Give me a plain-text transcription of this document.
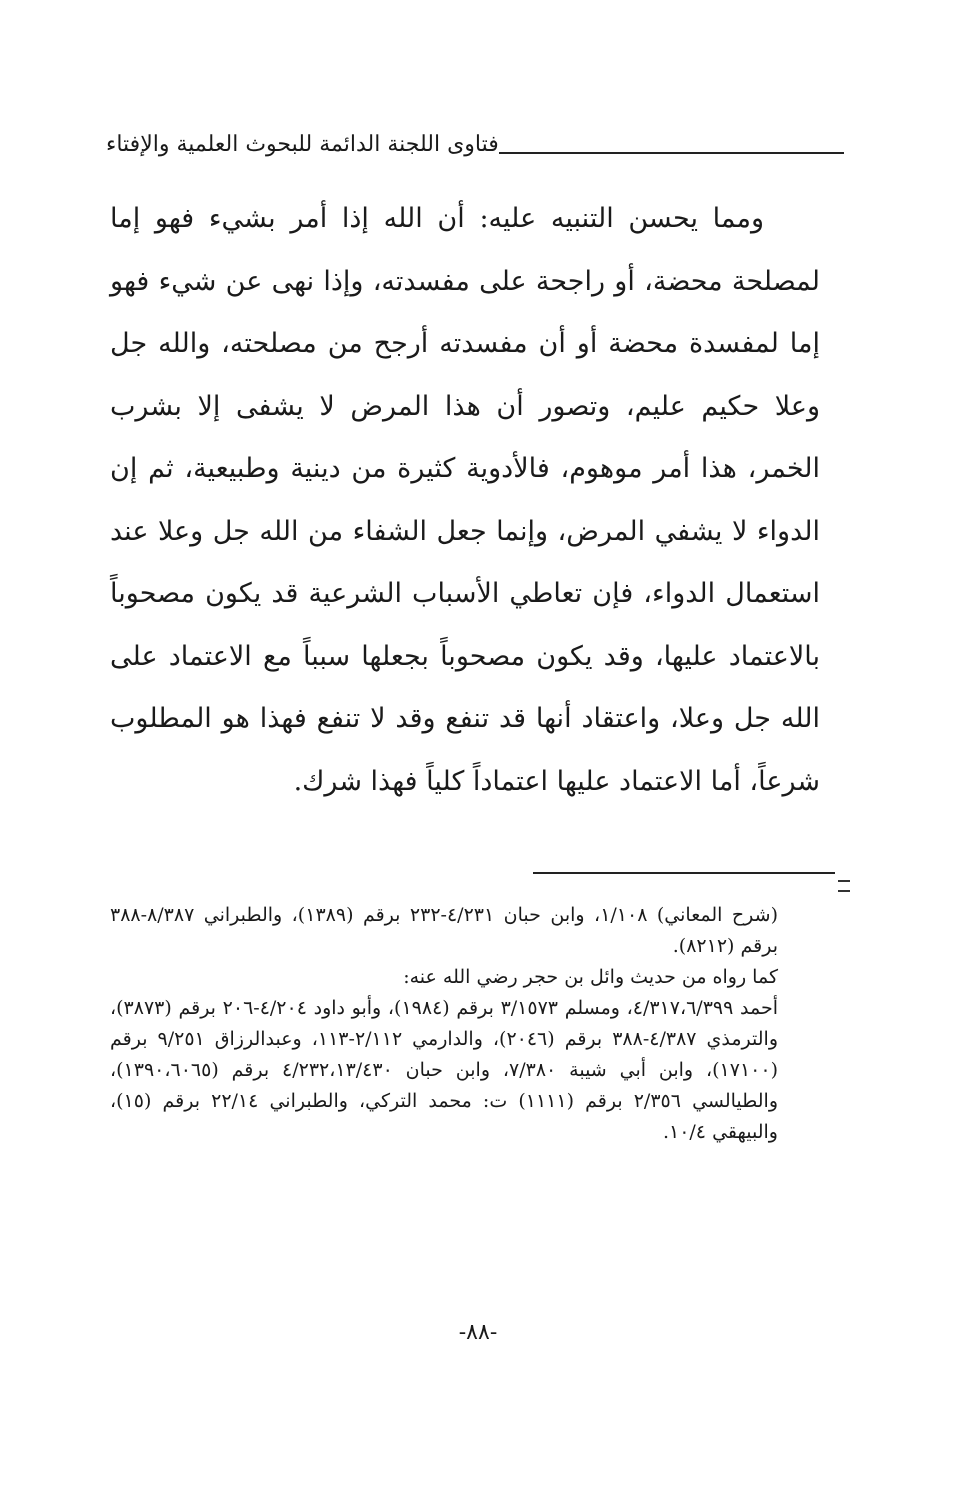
فتاوى اللجنة الدائمة للبحوث العلمية والإفتاء

ومما يحسن التنبيه عليه: أن الله إذا أمر بشيء فهو إما لمصلحة محضة، أو راجحة على مفسدته، وإذا نهى عن شيء فهو إما لمفسدة محضة أو أن مفسدته أرجح من مصلحته، والله جل وعلا حكيم عليم، وتصور أن هذا المرض لا يشفى إلا بشرب الخمر، هذا أمر موهوم، فالأدوية كثيرة من دينية وطبيعية، ثم إن الدواء لا يشفي المرض، وإنما جعل الشفاء من الله جل وعلا عند استعمال الدواء، فإن تعاطي الأسباب الشرعية قد يكون مصحوباً بالاعتماد عليها، وقد يكون مصحوباً بجعلها سبباً مع الاعتماد على الله جل وعلا، واعتقاد أنها قد تنفع وقد لا تنفع فهذا هو المطلوب شرعاً، أما الاعتماد عليها اعتماداً كلياً فهذا شرك.

(شرح المعاني) ١/١٠٨، وابن حبان ٤/٢٣١-٢٣٢ برقم (١٣٨٩)، والطبراني ٨/٣٨٧-٣٨٨ برقم (٨٢١٢).

كما رواه من حديث وائل بن حجر رضي الله عنه:

أحمد ٤/٣١٧،٦/٣٩٩، ومسلم ٣/١٥٧٣ برقم (١٩٨٤)، وأبو داود ٤/٢٠٤-٢٠٦ برقم (٣٨٧٣)، والترمذي ٤/٣٨٧-٣٨٨ برقم (٢٠٤٦)، والدارمي ٢/١١٢-١١٣، وعبدالرزاق ٩/٢٥١ برقم (١٧١٠٠)، وابن أبي شيبة ٧/٣٨٠، وابن حبان ٤/٢٣٢،١٣/٤٣٠ برقم (١٣٩٠،٦٠٦٥)، والطيالسي ٢/٣٥٦ برقم (١١١١) ت: محمد التركي، والطبراني ٢٢/١٤ برقم (١٥)، والبيهقي ١٠/٤.

-٨٨-
